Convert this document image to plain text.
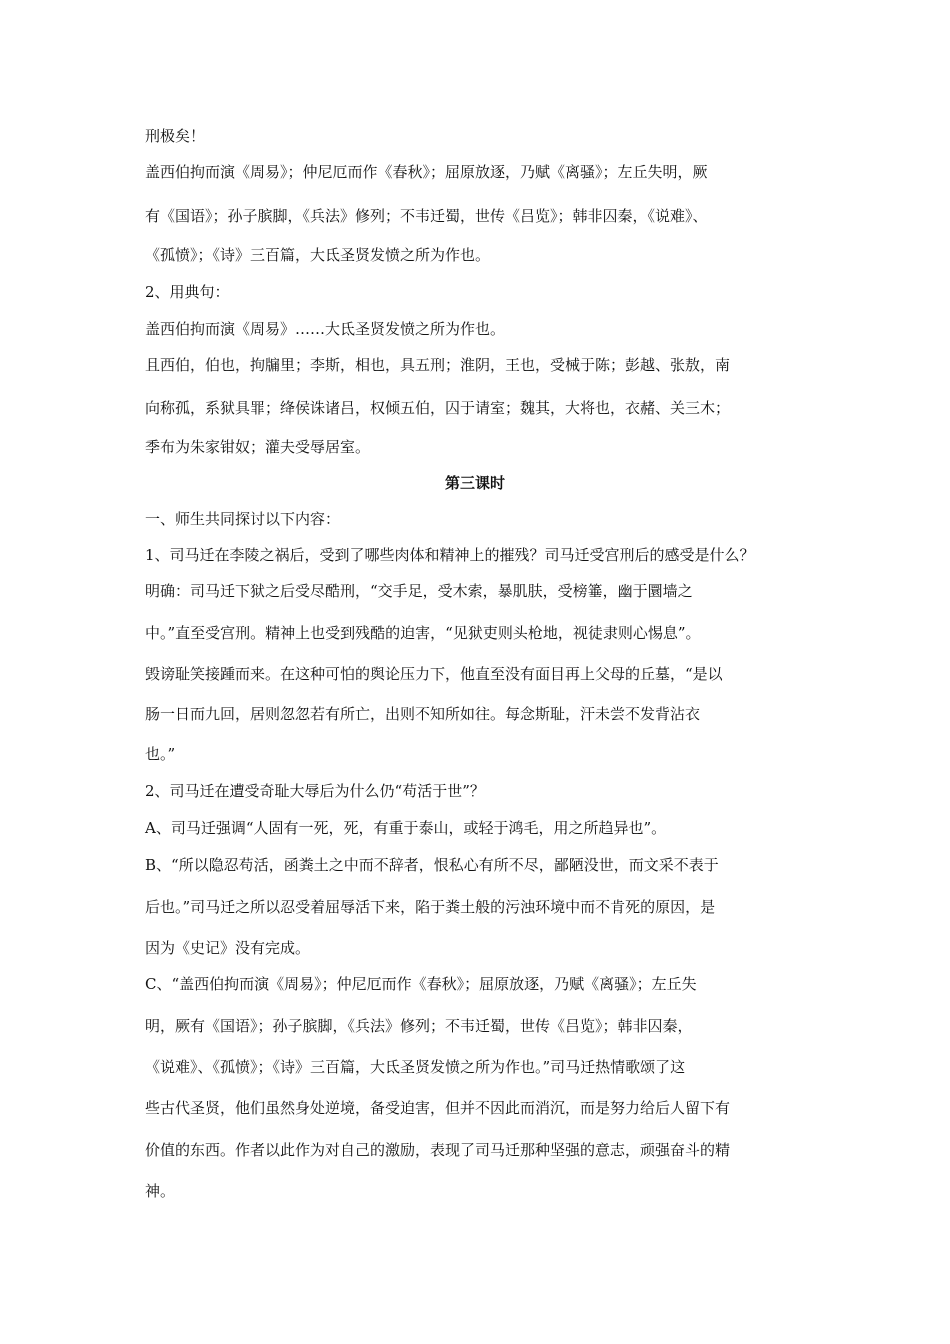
刑极矣！
盖西伯拘而演《周易》；仲尼厄而作《春秋》；屈原放逐，乃赋《离骚》；左丘失明，厥
有《国语》；孙子膑脚，《兵法》修列；不韦迁蜀，世传《吕览》；韩非囚秦，《说难》、
《孤愤》；《诗》三百篇，大氐圣贤发愤之所为作也。
2、用典句：
盖西伯拘而演《周易》……大氐圣贤发愤之所为作也。
且西伯，伯也，拘牖里；李斯，相也，具五刑；淮阴，王也，受械于陈；彭越、张敖，南
向称孤，系狱具罪；绛侯诛诸吕，权倾五伯，囚于请室；魏其，大将也，衣赭、关三木；
季布为朱家钳奴；灌夫受辱居室。
第三课时
一、师生共同探讨以下内容：
1、司马迁在李陵之祸后，受到了哪些肉体和精神上的摧残？司马迁受宫刑后的感受是什么？
明确：司马迁下狱之后受尽酷刑，“交手足，受木索，暴肌肤，受榜箠，幽于圜墙之
中。”直至受宫刑。精神上也受到残酷的迫害，“见狱吏则头枪地，视徒隶则心惕息”。
毁谤耻笑接踵而来。在这种可怕的舆论压力下，他直至没有面目再上父母的丘墓，“是以
肠一日而九回，居则忽忽若有所亡，出则不知所如往。每念斯耻，汗未尝不发背沾衣
也。”
2、司马迁在遭受奇耻大辱后为什么仍“苟活于世”？
A、司马迁强调“人固有一死，死，有重于泰山，或轻于鸿毛，用之所趋异也”。
B、“所以隐忍苟活，函粪土之中而不辞者，恨私心有所不尽，鄙陋没世，而文采不表于
后也。”司马迁之所以忍受着屈辱活下来，陷于粪土般的污浊环境中而不肯死的原因，是
因为《史记》没有完成。
C、“盖西伯拘而演《周易》；仲尼厄而作《春秋》；屈原放逐，乃赋《离骚》；左丘失
明，厥有《国语》；孙子膑脚，《兵法》修列；不韦迁蜀，世传《吕览》；韩非囚秦，
《说难》、《孤愤》；《诗》三百篇，大氐圣贤发愤之所为作也。”司马迁热情歌颂了这
些古代圣贤，他们虽然身处逆境，备受迫害，但并不因此而消沉，而是努力给后人留下有
价值的东西。作者以此作为对自己的激励，表现了司马迁那种坚强的意志，顽强奋斗的精
神。
